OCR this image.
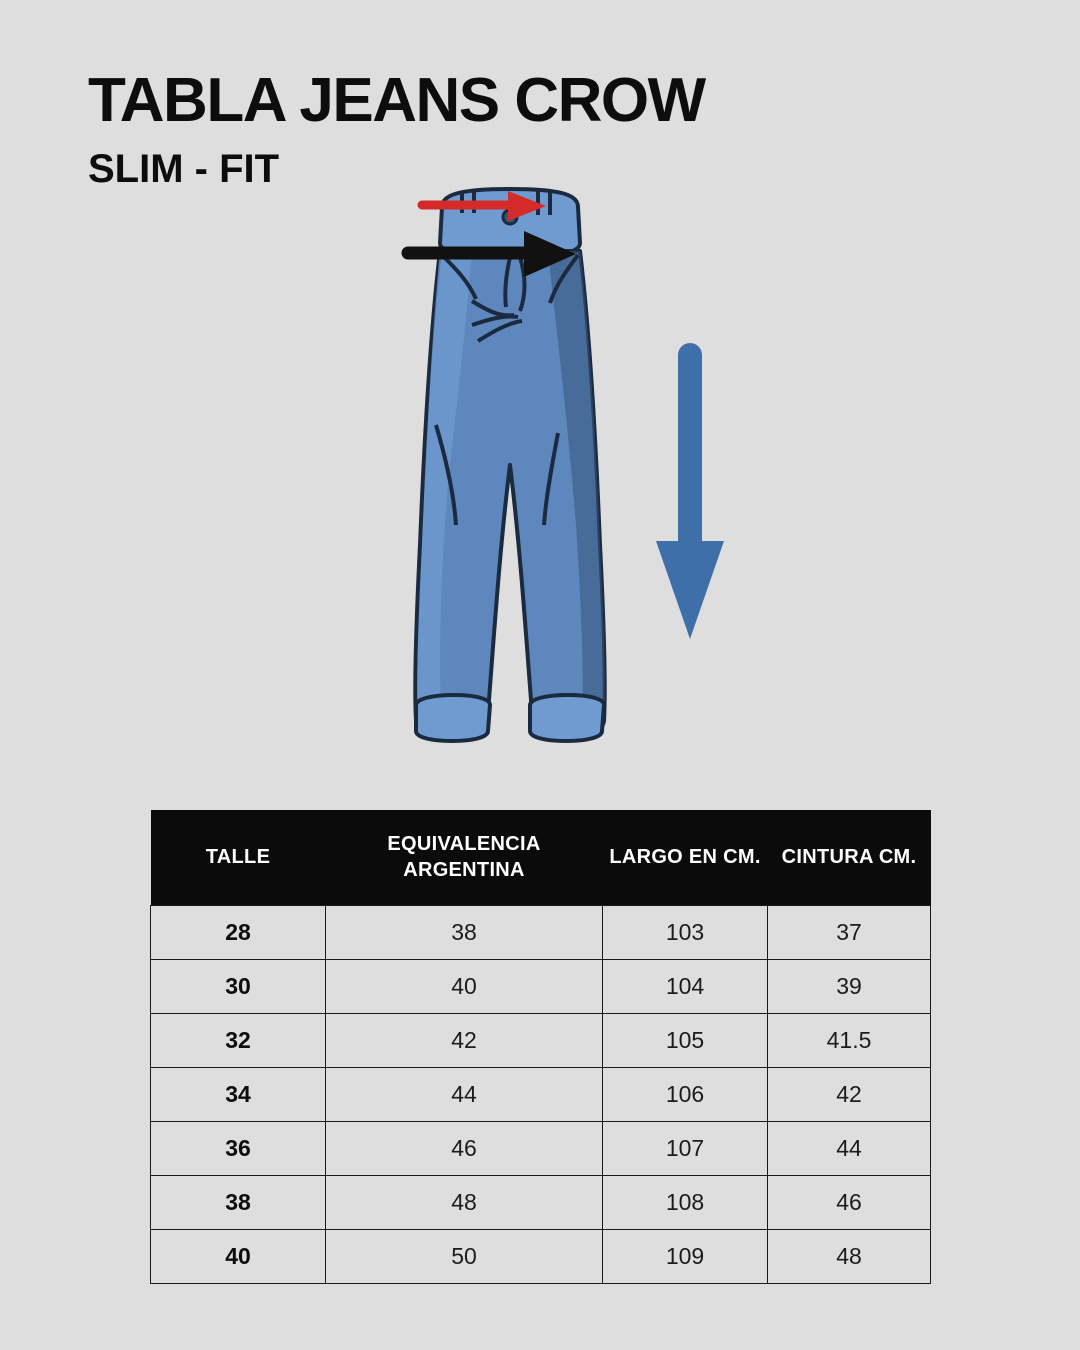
TABLA JEANS CROW
SLIM - FIT
TALLE	EQUIVALENCIA ARGENTINA	LARGO EN CM.	CINTURA CM.
28	38	103	37
30	40	104	39
32	42	105	41.5
34	44	106	42
36	46	107	44
38	48	108	46
40	50	109	48
